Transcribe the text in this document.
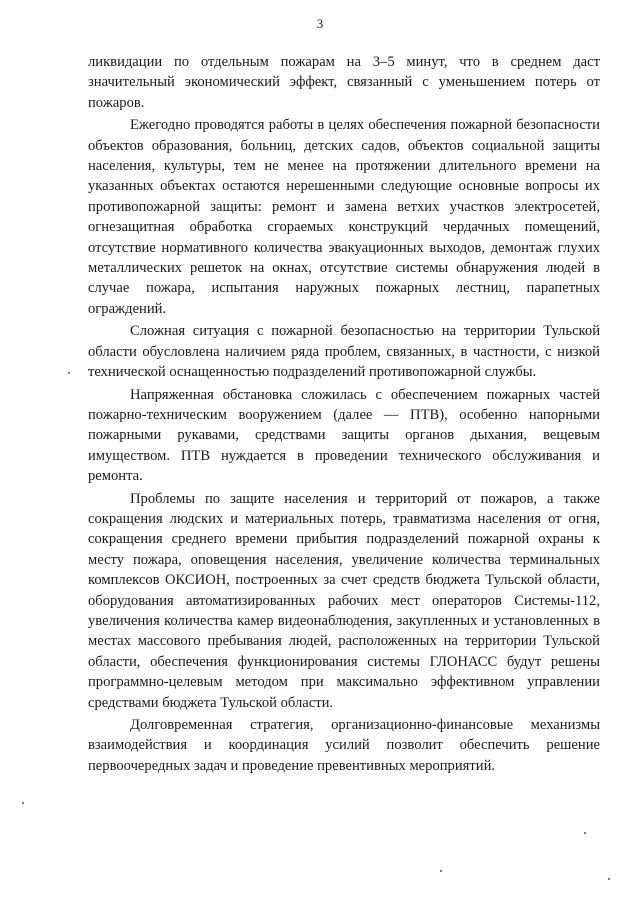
3

ликвидации по отдельным пожарам на 3–5 минут, что в среднем даст значительный экономический эффект, связанный с уменьшением потерь от пожаров.

Ежегодно проводятся работы в целях обеспечения пожарной безопасности объектов образования, больниц, детских садов, объектов социальной защиты населения, культуры, тем не менее на протяжении длительного времени на указанных объектах остаются нерешенными следующие основные вопросы их противопожарной защиты: ремонт и замена ветхих участков электросетей, огнезащитная обработка сгораемых конструкций чердачных помещений, отсутствие нормативного количества эвакуационных выходов, демонтаж глухих металлических решеток на окнах, отсутствие системы обнаружения людей в случае пожара, испытания наружных пожарных лестниц, парапетных ограждений.

Сложная ситуация с пожарной безопасностью на территории Тульской области обусловлена наличием ряда проблем, связанных, в частности, с низкой технической оснащенностью подразделений противопожарной службы.

Напряженная обстановка сложилась с обеспечением пожарных частей пожарно-техническим вооружением (далее — ПТВ), особенно напорными пожарными рукавами, средствами защиты органов дыхания, вещевым имуществом. ПТВ нуждается в проведении технического обслуживания и ремонта.

Проблемы по защите населения и территорий от пожаров, а также сокращения людских и материальных потерь, травматизма населения от огня, сокращения среднего времени прибытия подразделений пожарной охраны к месту пожара, оповещения населения, увеличение количества терминальных комплексов ОКСИОН, построенных за счет средств бюджета Тульской области, оборудования автоматизированных рабочих мест операторов Системы-112, увеличения количества камер видеонаблюдения, закупленных и установленных в местах массового пребывания людей, расположенных на территории Тульской области, обеспечения функционирования системы ГЛОНАСС будут решены программно-целевым методом при максимально эффективном управлении средствами бюджета Тульской области.

Долговременная стратегия, организационно-финансовые механизмы взаимодействия и координация усилий позволит обеспечить решение первоочередных задач и проведение превентивных мероприятий.
